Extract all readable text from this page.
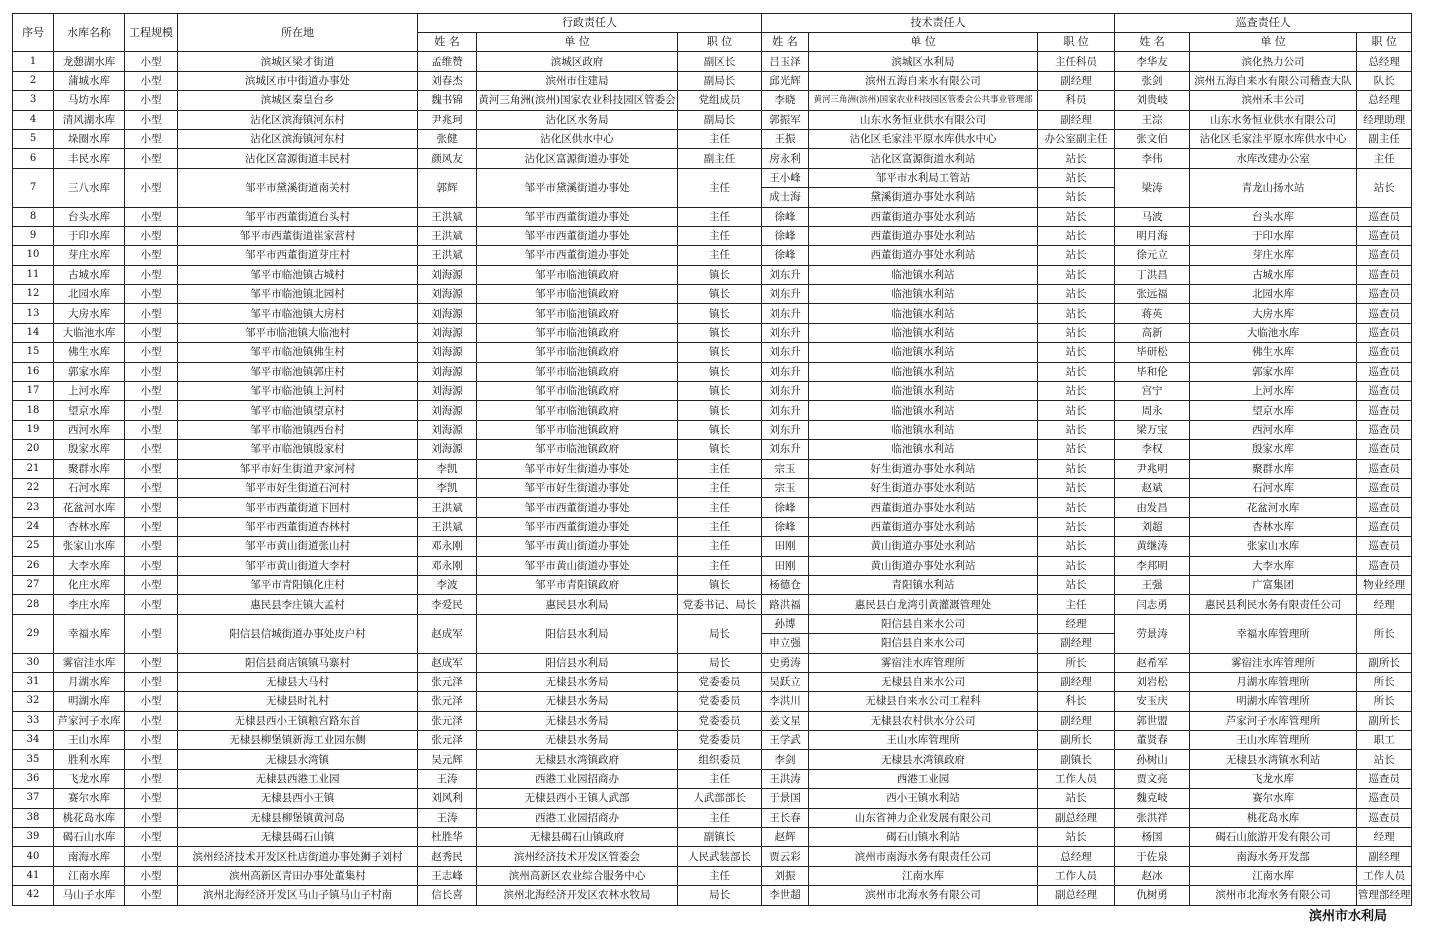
序号	水库名称	工程规模	所在地	行政责任人			技术责任人			巡查责任人		
				姓 名	单 位	职 位	姓 名	单 位	职 位	姓 名	单 位	职 位
1	龙憩湖水库	小型	滨城区梁才街道	孟维赞	滨城区政府	副区长	吕玉泽	滨城区水利局	主任科员	李华友	滨化热力公司	总经理
2	蒲城水库	小型	滨城区市中街道办事处	刘春杰	滨州市住建局	副局长	邱光辉	滨州五海自来水有限公司	副经理	张剑	滨州五海自来水有限公司稽查大队	队长
3	马坊水库	小型	滨城区秦皇台乡	魏书锦	黄河三角洲(滨州)国家农业科技园区管委会	党组成员	李晓	黄河三角洲(滨州)国家农业科技园区管委会公共事业管理部	科员	刘贵岐	滨州禾丰公司	总经理
4	清风湖水库	小型	沾化区滨海镇河东村	尹兆珂	沾化区水务局	副局长	郭振军	山东水务恒业供水有限公司	副经理	王淙	山东水务恒业供水有限公司	经理助理
5	垛圈水库	小型	沾化区滨海镇河东村	张健	沾化区供水中心	主任	王振	沾化区毛家洼平原水库供水中心	办公室副主任	张文伯	沾化区毛家洼平原水库供水中心	副主任
6	丰民水库	小型	沾化区富源街道丰民村	颜风友	沾化区富源街道办事处	副主任	房永利	沾化区富源街道水利站	站长	李伟	水库改建办公室	主任
7	三八水库	小型	邹平市黛溪街道南关村	郭辉	邹平市黛溪街道办事处	主任	王小峰	邹平市水利局工管站	站长	梁涛	青龙山扬水站	站长
							成士海	黛溪街道办事处水利站	站长			
8	台头水库	小型	邹平市西董街道台头村	王洪斌	邹平市西董街道办事处	主任	徐峰	西董街道办事处水利站	站长	马波	台头水库	巡查员
9	于印水库	小型	邹平市西董街道崔家营村	王洪斌	邹平市西董街道办事处	主任	徐峰	西董街道办事处水利站	站长	明月海	于印水库	巡查员
10	芽庄水库	小型	邹平市西董街道芽庄村	王洪斌	邹平市西董街道办事处	主任	徐峰	西董街道办事处水利站	站长	徐元立	芽庄水库	巡查员
11	古城水库	小型	邹平市临池镇古城村	刘海源	邹平市临池镇政府	镇长	刘东升	临池镇水利站	站长	丁洪昌	古城水库	巡查员
12	北园水库	小型	邹平市临池镇北园村	刘海源	邹平市临池镇政府	镇长	刘东升	临池镇水利站	站长	张远福	北园水库	巡查员
13	大房水库	小型	邹平市临池镇大房村	刘海源	邹平市临池镇政府	镇长	刘东升	临池镇水利站	站长	蒋英	大房水库	巡查员
14	大临池水库	小型	邹平市临池镇大临池村	刘海源	邹平市临池镇政府	镇长	刘东升	临池镇水利站	站长	高新	大临池水库	巡查员
15	佛生水库	小型	邹平市临池镇佛生村	刘海源	邹平市临池镇政府	镇长	刘东升	临池镇水利站	站长	毕研松	佛生水库	巡查员
16	郭家水库	小型	邹平市临池镇郭庄村	刘海源	邹平市临池镇政府	镇长	刘东升	临池镇水利站	站长	毕和伦	郭家水库	巡查员
17	上河水库	小型	邹平市临池镇上河村	刘海源	邹平市临池镇政府	镇长	刘东升	临池镇水利站	站长	宫宁	上河水库	巡查员
18	望京水库	小型	邹平市临池镇望京村	刘海源	邹平市临池镇政府	镇长	刘东升	临池镇水利站	站长	周永	望京水库	巡查员
19	西河水库	小型	邹平市临池镇西台村	刘海源	邹平市临池镇政府	镇长	刘东升	临池镇水利站	站长	梁万宝	西河水库	巡查员
20	殷家水库	小型	邹平市临池镇殷家村	刘海源	邹平市临池镇政府	镇长	刘东升	临池镇水利站	站长	李权	殷家水库	巡查员
21	聚群水库	小型	邹平市好生街道尹家河村	李凯	邹平市好生街道办事处	主任	宗玉	好生街道办事处水利站	站长	尹兆明	聚群水库	巡查员
22	石河水库	小型	邹平市好生街道石河村	李凯	邹平市好生街道办事处	主任	宗玉	好生街道办事处水利站	站长	赵斌	石河水库	巡查员
23	花盆河水库	小型	邹平市西董街道下回村	王洪斌	邹平市西董街道办事处	主任	徐峰	西董街道办事处水利站	站长	由发昌	花盆河水库	巡查员
24	杏林水库	小型	邹平市西董街道杏林村	王洪斌	邹平市西董街道办事处	主任	徐峰	西董街道办事处水利站	站长	刘超	杏林水库	巡查员
25	张家山水库	小型	邹平市黄山街道张山村	邓永刚	邹平市黄山街道办事处	主任	田刚	黄山街道办事处水利站	站长	黄继涛	张家山水库	巡查员
26	大李水库	小型	邹平市黄山街道大李村	邓永刚	邹平市黄山街道办事处	主任	田刚	黄山街道办事处水利站	站长	李邦明	大李水库	巡查员
27	化庄水库	小型	邹平市青阳镇化庄村	李波	邹平市青阳镇政府	镇长	杨德仓	青阳镇水利站	站长	王强	广富集团	物业经理
28	李庄水库	小型	惠民县李庄镇大孟村	李爱民	惠民县水利局	党委书记、局长	路洪福	惠民县白龙湾引黄灌溉管理处	主任	闫志勇	惠民县利民水务有限责任公司	经理
29	幸福水库	小型	阳信县信城街道办事处皮户村	赵成军	阳信县水利局	局长	孙博	阳信县自来水公司	经理	劳景涛	幸福水库管理所	所长
							申立强	阳信县自来水公司	副经理			
30	雾宿洼水库	小型	阳信县商店镇镇马寨村	赵成军	阳信县水利局	局长	史勇涛	雾宿洼水库管理所	所长	赵希军	雾宿洼水库管理所	副所长
31	月湖水库	小型	无棣县大马村	张元泽	无棣县水务局	党委委员	吴跃立	无棣县自来水公司	副经理	刘岩松	月湖水库管理所	所长
32	明湖水库	小型	无棣县时礼村	张元泽	无棣县水务局	党委委员	李洪川	无棣县自来水公司工程科	科长	安玉庆	明湖水库管理所	所长
33	芦家河子水库	小型	无棣县西小王镇粮宫路东首	张元泽	无棣县水务局	党委委员	姜文星	无棣县农村供水分公司	副经理	郭世盟	芦家河子水库管理所	副所长
34	王山水库	小型	无棣县柳堡镇新海工业园东侧	张元泽	无棣县水务局	党委委员	王学武	王山水库管理所	副所长	董贤春	王山水库管理所	职工
35	胜利水库	小型	无棣县水湾镇	吴元辉	无棣县水湾镇政府	组织委员	李剑	无棣县水湾镇政府	副镇长	孙树山	无棣县水湾镇水利站	站长
36	飞龙水库	小型	无棣县西港工业园	王涛	西港工业园招商办	主任	王洪涛	西港工业园	工作人员	贾文亮	飞龙水库	巡查员
37	赛尔水库	小型	无棣县西小王镇	刘风利	无棣县西小王镇人武部	人武部部长	于景国	西小王镇水利站	站长	魏克岐	赛尔水库	巡查员
38	桃花岛水库	小型	无棣县柳堡镇黄河岛	王涛	西港工业园招商办	主任	王长春	山东省神力企业发展有限公司	副总经理	张洪祥	桃花岛水库	巡查员
39	碣石山水库	小型	无棣县碣石山镇	杜胜华	无棣县碣石山镇政府	副镇长	赵辉	碣石山镇水利站	站长	杨国	碣石山旅游开发有限公司	经理
40	南海水库	小型	滨州经济技术开发区杜店街道办事处狮子刘村	赵秀民	滨州经济技术开发区管委会	人民武装部长	贾云彩	滨州市南海水务有限责任公司	总经理	于佐泉	南海水务开发部	副经理
41	江南水库	小型	滨州高新区青田办事处董集村	王志峰	滨州高新区农业综合服务中心	主任	刘振	江南水库	工作人员	赵冰	江南水库	工作人员
42	马山子水库	小型	滨州北海经济开发区马山子镇马山子村南	信长喜	滨州北海经济开发区农林水牧局	局长	李世超	滨州市北海水务有限公司	副总经理	仇树勇	滨州市北海水务有限公司	管理部经理
滨州市水利局
